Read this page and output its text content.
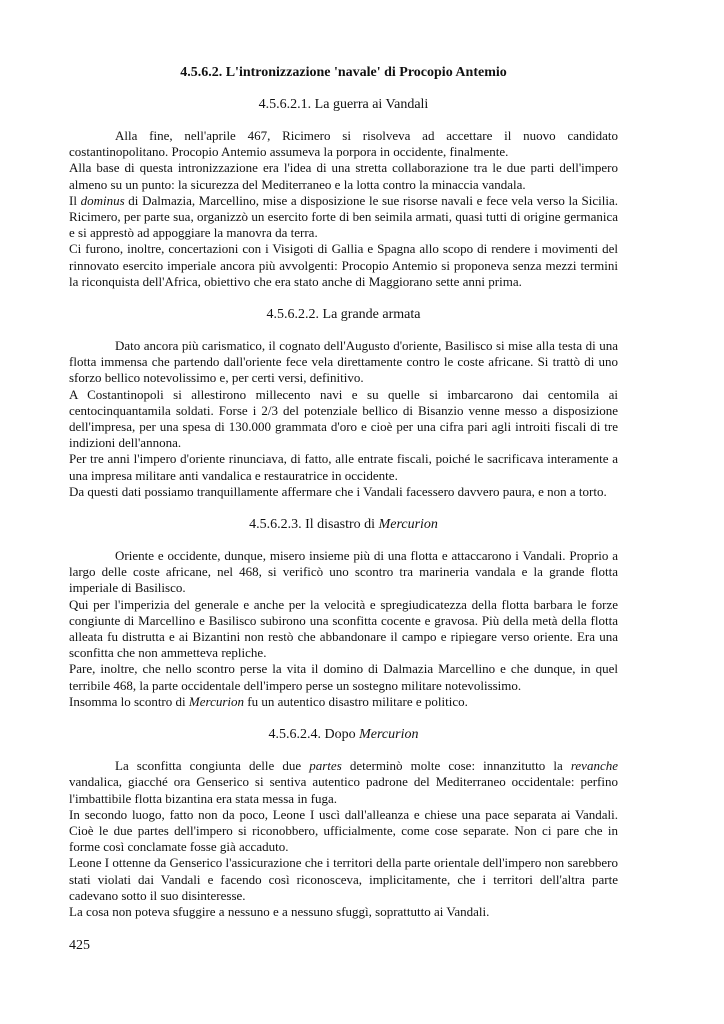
4.5.6.2. L'intronizzazione 'navale' di Procopio Antemio
4.5.6.2.1. La guerra ai Vandali

Alla fine, nell'aprile 467, Ricimero si risolveva ad accettare il nuovo candidato costantinopolitano. Procopio Antemio assumeva la porpora in occidente, finalmente.

Alla base di questa intronizzazione era l'idea di una stretta collaborazione tra le due parti dell'impero almeno su un punto: la sicurezza del Mediterraneo e la lotta contro la minaccia vandala.

Il dominus di Dalmazia, Marcellino, mise a disposizione le sue risorse navali e fece vela verso la Sicilia. Ricimero, per parte sua, organizzò un esercito forte di ben seimila armati, quasi tutti di origine germanica e si apprestò ad appoggiare la manovra da terra.

Ci furono, inoltre, concertazioni con i Visigoti di Gallia e Spagna allo scopo di rendere i movimenti del rinnovato esercito imperiale ancora più avvolgenti: Procopio Antemio si proponeva senza mezzi termini la riconquista dell'Africa, obiettivo che era stato anche di Maggiorano sette anni prima.

4.5.6.2.2. La grande armata

Dato ancora più carismatico, il cognato dell'Augusto d'oriente, Basilisco si mise alla testa di una flotta immensa che partendo dall'oriente fece vela direttamente contro le coste africane. Si trattò di uno sforzo bellico notevolissimo e, per certi versi, definitivo.

A Costantinopoli si allestirono millecento navi e su quelle si imbarcarono dai centomila ai centocinquantamila soldati. Forse i 2/3 del potenziale bellico di Bisanzio venne messo a disposizione dell'impresa, per una spesa di 130.000 grammata d'oro e cioè per una cifra pari agli introiti fiscali di tre indizioni dell'annona.

Per tre anni l'impero d'oriente rinunciava, di fatto, alle entrate fiscali, poiché le sacrificava interamente a una impresa militare anti vandalica e restauratrice in occidente.

Da questi dati possiamo tranquillamente affermare che i Vandali facessero davvero paura, e non a torto.

4.5.6.2.3. Il disastro di Mercurion

Oriente e occidente, dunque, misero insieme più di una flotta e attaccarono i Vandali. Proprio a largo delle coste africane, nel 468, si verificò uno scontro tra marineria vandala e la grande flotta imperiale di Basilisco.

Qui per l'imperizia del generale e anche per la velocità e spregiudicatezza della flotta barbara le forze congiunte di Marcellino e Basilisco subirono una sconfitta cocente e gravosa. Più della metà della flotta alleata fu distrutta e ai Bizantini non restò che abbandonare il campo e ripiegare verso oriente. Era una sconfitta che non ammetteva repliche.

Pare, inoltre, che nello scontro perse la vita il domino di Dalmazia Marcellino e che dunque, in quel terribile 468, la parte occidentale dell'impero perse un sostegno militare notevolissimo.

Insomma lo scontro di Mercurion fu un autentico disastro militare e politico.

4.5.6.2.4. Dopo Mercurion

La sconfitta congiunta delle due partes determinò molte cose: innanzitutto la revanche vandalica, giacché ora Genserico si sentiva autentico padrone del Mediterraneo occidentale: perfino l'imbattibile flotta bizantina era stata messa in fuga.

In secondo luogo, fatto non da poco, Leone I uscì dall'alleanza e chiese una pace separata ai Vandali. Cioè le due partes dell'impero si riconobbero, ufficialmente, come cose separate. Non ci pare che in forme così conclamate fosse già accaduto.

Leone I ottenne da Genserico l'assicurazione che i territori della parte orientale dell'impero non sarebbero stati violati dai Vandali e facendo così riconosceva, implicitamente, che i territori dell'altra parte cadevano sotto il suo disinteresse.

La cosa non poteva sfuggire a nessuno e a nessuno sfuggì, soprattutto ai Vandali.

425
